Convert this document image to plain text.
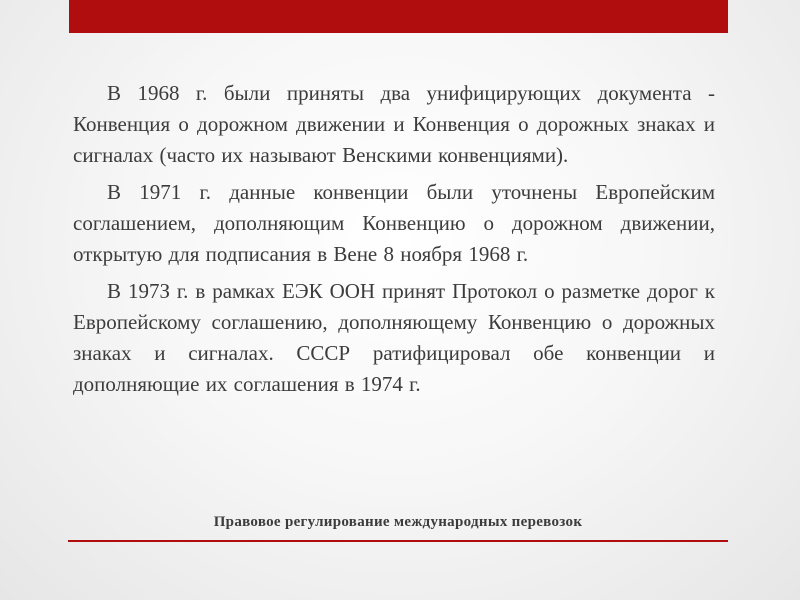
В 1968 г. были приняты два унифицирующих документа - Конвенция о дорожном движении и Конвенция о дорожных знаках и сигналах (часто их называют Венскими конвенциями).

В 1971 г. данные конвенции были уточнены Европейским соглашением, дополняющим Конвенцию о дорожном движении, открытую для подписания в Вене 8 ноября 1968 г.

В 197З г. в рамках ЕЭК ООН принят Протокол о разметке дорог к Европейскому соглашению, дополняющему Конвенцию о дорожных знаках и сигналах. СССР ратифицировал обе конвенции и дополняющие их соглашения в 1974 г.

Правовое регулирование международных перевозок
